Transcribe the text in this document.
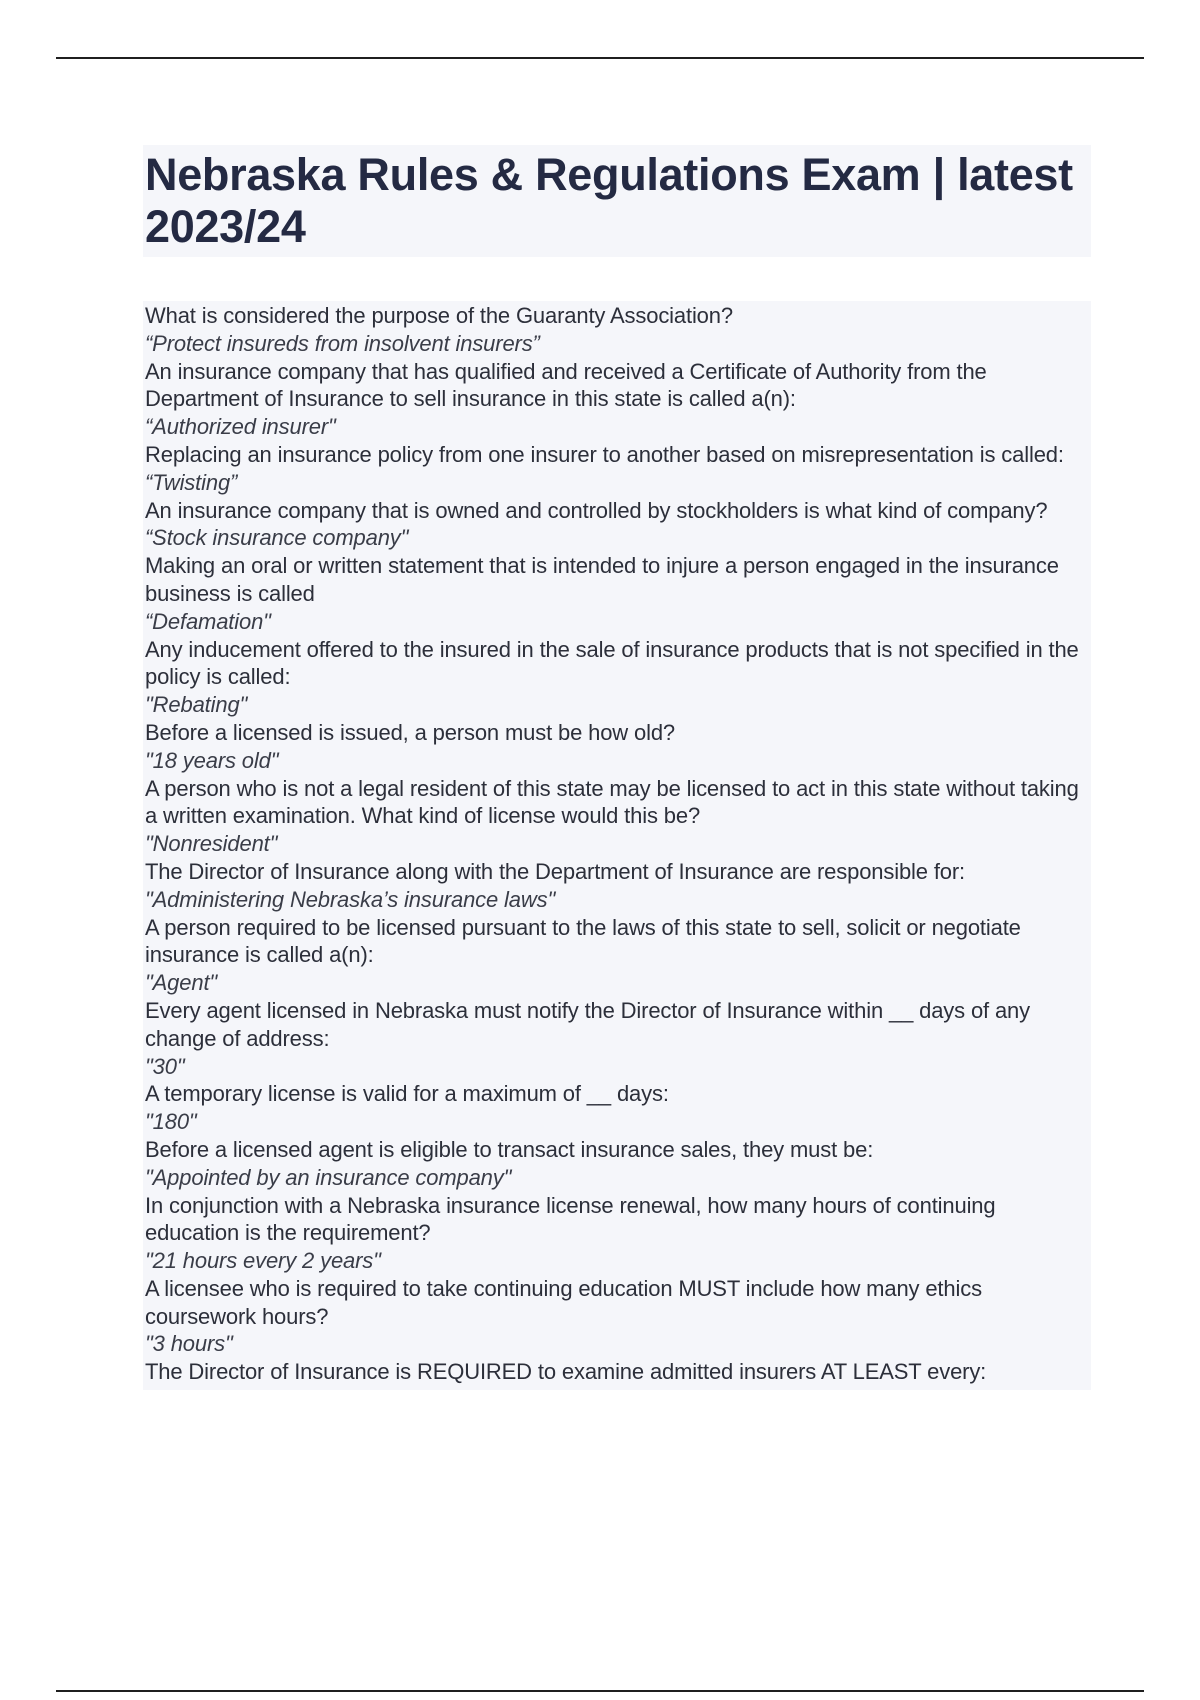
Nebraska Rules & Regulations Exam | latest 2023/24
What is considered the purpose of the Guaranty Association?
“Protect insureds from insolvent insurers”
An insurance company that has qualified and received a Certificate of Authority from the Department of Insurance to sell insurance in this state is called a(n):
“Authorized insurer"
Replacing an insurance policy from one insurer to another based on misrepresentation is called:
“Twisting”
An insurance company that is owned and controlled by stockholders is what kind of company?
“Stock insurance company"
Making an oral or written statement that is intended to injure a person engaged in the insurance business is called
“Defamation"
Any inducement offered to the insured in the sale of insurance products that is not specified in the policy is called:
"Rebating"
Before a licensed is issued, a person must be how old?
"18 years old"
A person who is not a legal resident of this state may be licensed to act in this state without taking a written examination. What kind of license would this be?
"Nonresident"
The Director of Insurance along with the Department of Insurance are responsible for:
"Administering Nebraska’s insurance laws"
A person required to be licensed pursuant to the laws of this state to sell, solicit or negotiate insurance is called a(n):
"Agent"
Every agent licensed in Nebraska must notify the Director of Insurance within __ days of any change of address:
"30"
A temporary license is valid for a maximum of __ days:
"180"
Before a licensed agent is eligible to transact insurance sales, they must be:
"Appointed by an insurance company"
In conjunction with a Nebraska insurance license renewal, how many hours of continuing education is the requirement?
"21 hours every 2 years"
A licensee who is required to take continuing education MUST include how many ethics coursework hours?
"3 hours"
The Director of Insurance is REQUIRED to examine admitted insurers AT LEAST every:
